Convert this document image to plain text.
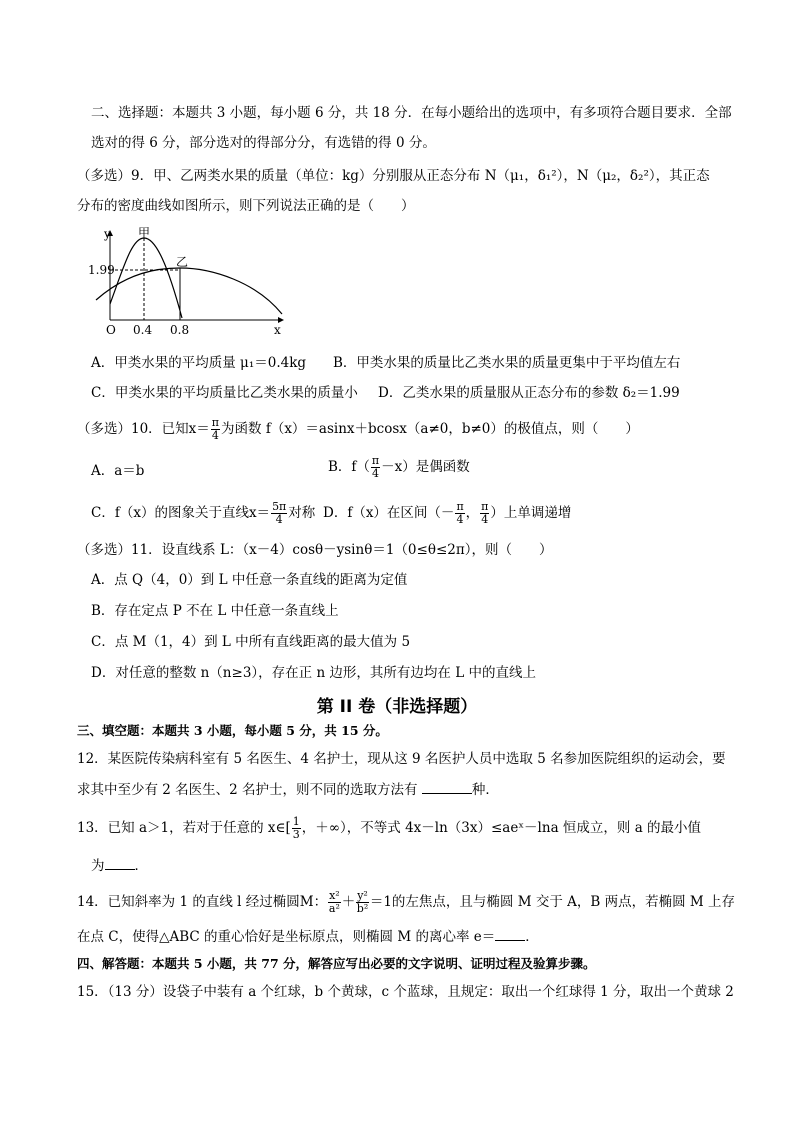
二、选择题：本题共 3 小题，每小题 6 分，共 18 分．在每小题给出的选项中，有多项符合题目要求．全部
选对的得 6 分，部分选对的得部分分，有选错的得 0 分。
（多选）9．甲、乙两类水果的质量（单位：kg）分别服从正态分布 N（μ₁，δ₁²），N（μ₂，δ₂²），其正态
分布的密度曲线如图所示，则下列说法正确的是（　　）
y
x
O
1.99
0.4 0.8
甲
乙
A．甲类水果的平均质量 μ₁＝0.4kg B．甲类水果的质量比乙类水果的质量更集中于平均值左右
C．甲类水果的平均质量比乙类水果的质量小 D．乙类水果的质量服从正态分布的参数 δ₂＝1.99
（多选）10．已知$x= \frac{\pi}{4}$ 为函数 f（x）＝asinx＋bcosx（a≠0，b≠0）的极值点，则（　　）
A．a＝b	B．$f( \frac{\pi}{4} -x)$是偶函数
C．f（x）的图象关于直线$x= \frac{5\pi}{4}$ 对称 D．f（x）在区间（－ $\frac{\pi}{4}$ ， $\frac{\pi}{4}$ ）上单调递增
（多选）11．设直线系 L：（x－4）cosθ－ysinθ＝1（0≤θ≤2π），则（　　）
A．点 Q（4，0）到 L 中任意一条直线的距离为定值
B．存在定点 P 不在 L 中任意一条直线上
C．点 M（1，4）到 L 中所有直线距离的最大值为 5
D．对任意的整数 n（n≥3），存在正 n 边形，其所有边均在 L 中的直线上
第 II 卷（非选择题）
三、填空题：本题共 3 小题，每小题 5 分，共 15 分。
12．某医院传染病科室有 5 名医生、4 名护士，现从这 9 名医护人员中选取 5 名参加医院组织的运动会，要
求其中至少有 2 名医生、2 名护士，则不同的选取方法有	种．
13．已知 a＞1，若对于任意的 x∈[ $\frac{1}{3}$ ，＋∞），不等式 4x－ln（3x）≤aeˣ－lna 恒成立，则 a 的最小值
为 ．
14．已知斜率为 1 的直线 l 经过椭圆M： $\frac{\text{x²}}{\text{a²}} + \frac{\text{y²}}{\text{b²}} =1$的左焦点，且与椭圆 M 交于 A，B 两点，若椭圆 M 上存
在点 C，使得△ABC 的重心恰好是坐标原点，则椭圆 M 的离心率 e＝ ．
四、解答题：本题共 5 小题，共 77 分，解答应写出必要的文字说明、证明过程及验算步骤。
15．（13 分）设袋子中装有 a 个红球，b 个黄球，c 个蓝球，且规定：取出一个红球得 1 分，取出一个黄球 2
